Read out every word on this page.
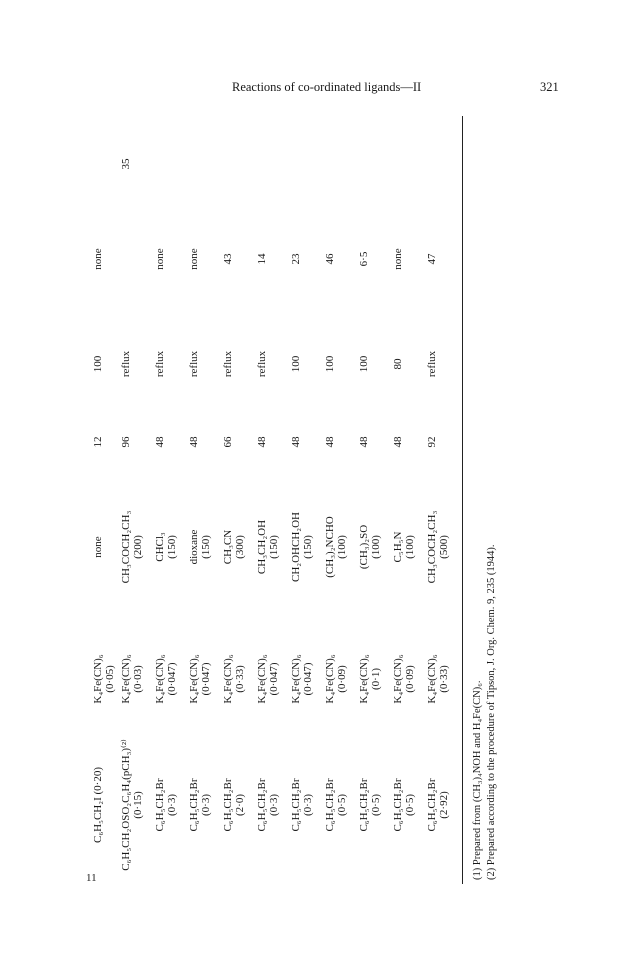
Reactions of co-ordinated ligands—II	321
C₆H₅CH₂I (0·20)
K₄Fe(CN)₆ (0·05)
none
12
100
none
C₆H₅CH₂OSO₂C₆H₄(pCH₃)⁽²⁾ (0·15)
K₄Fe(CN)₆ (0·03)
CH₃COCH₂CH₃ (200)
96
reflux
35
C₆H₅CH₂Br (0·3)
K₄Fe(CN)₆ (0·047)
CHCl₃ (150)
48
reflux
none
C₆H₅CH₂Br (0·3)
K₄Fe(CN)₆ (0·047)
dioxane (150)
48
reflux
none
C₆H₅CH₂Br (2·0)
K₄Fe(CN)₆ (0·33)
CH₃CN (300)
66
reflux
43
C₆H₅CH₂Br (0·3)
K₄Fe(CN)₆ (0·047)
CH₃CH₂OH (150)
48
reflux
14
C₆H₅CH₂Br (0·3)
K₄Fe(CN)₆ (0·047)
CH₂OHCH₂OH (150)
48
100
23
C₆H₅CH₂Br (0·5)
K₄Fe(CN)₆ (0·09)
(CH₃)₂NCHO (100)
48
100
46
C₆H₅CH₂Br (0·5)
K₄Fe(CN)₆ (0·1)
(CH₃)₂SO (100)
48
100
6·5
C₆H₅CH₂Br (0·5)
K₄Fe(CN)₆ (0·09)
C₅H₅N (100)
48
80
none
C₆H₅CH₂Br (2·92)
K₄Fe(CN)₆ (0·33)
CH₃COCH₂CH₃ (500)
92
reflux
47
(1) Prepared from (CH₃)₄NOH and H₄Fe(CN)₆. (2) Prepared according to the procedure of Tipson, J. Org. Chem. 9, 235 (1944).
11
